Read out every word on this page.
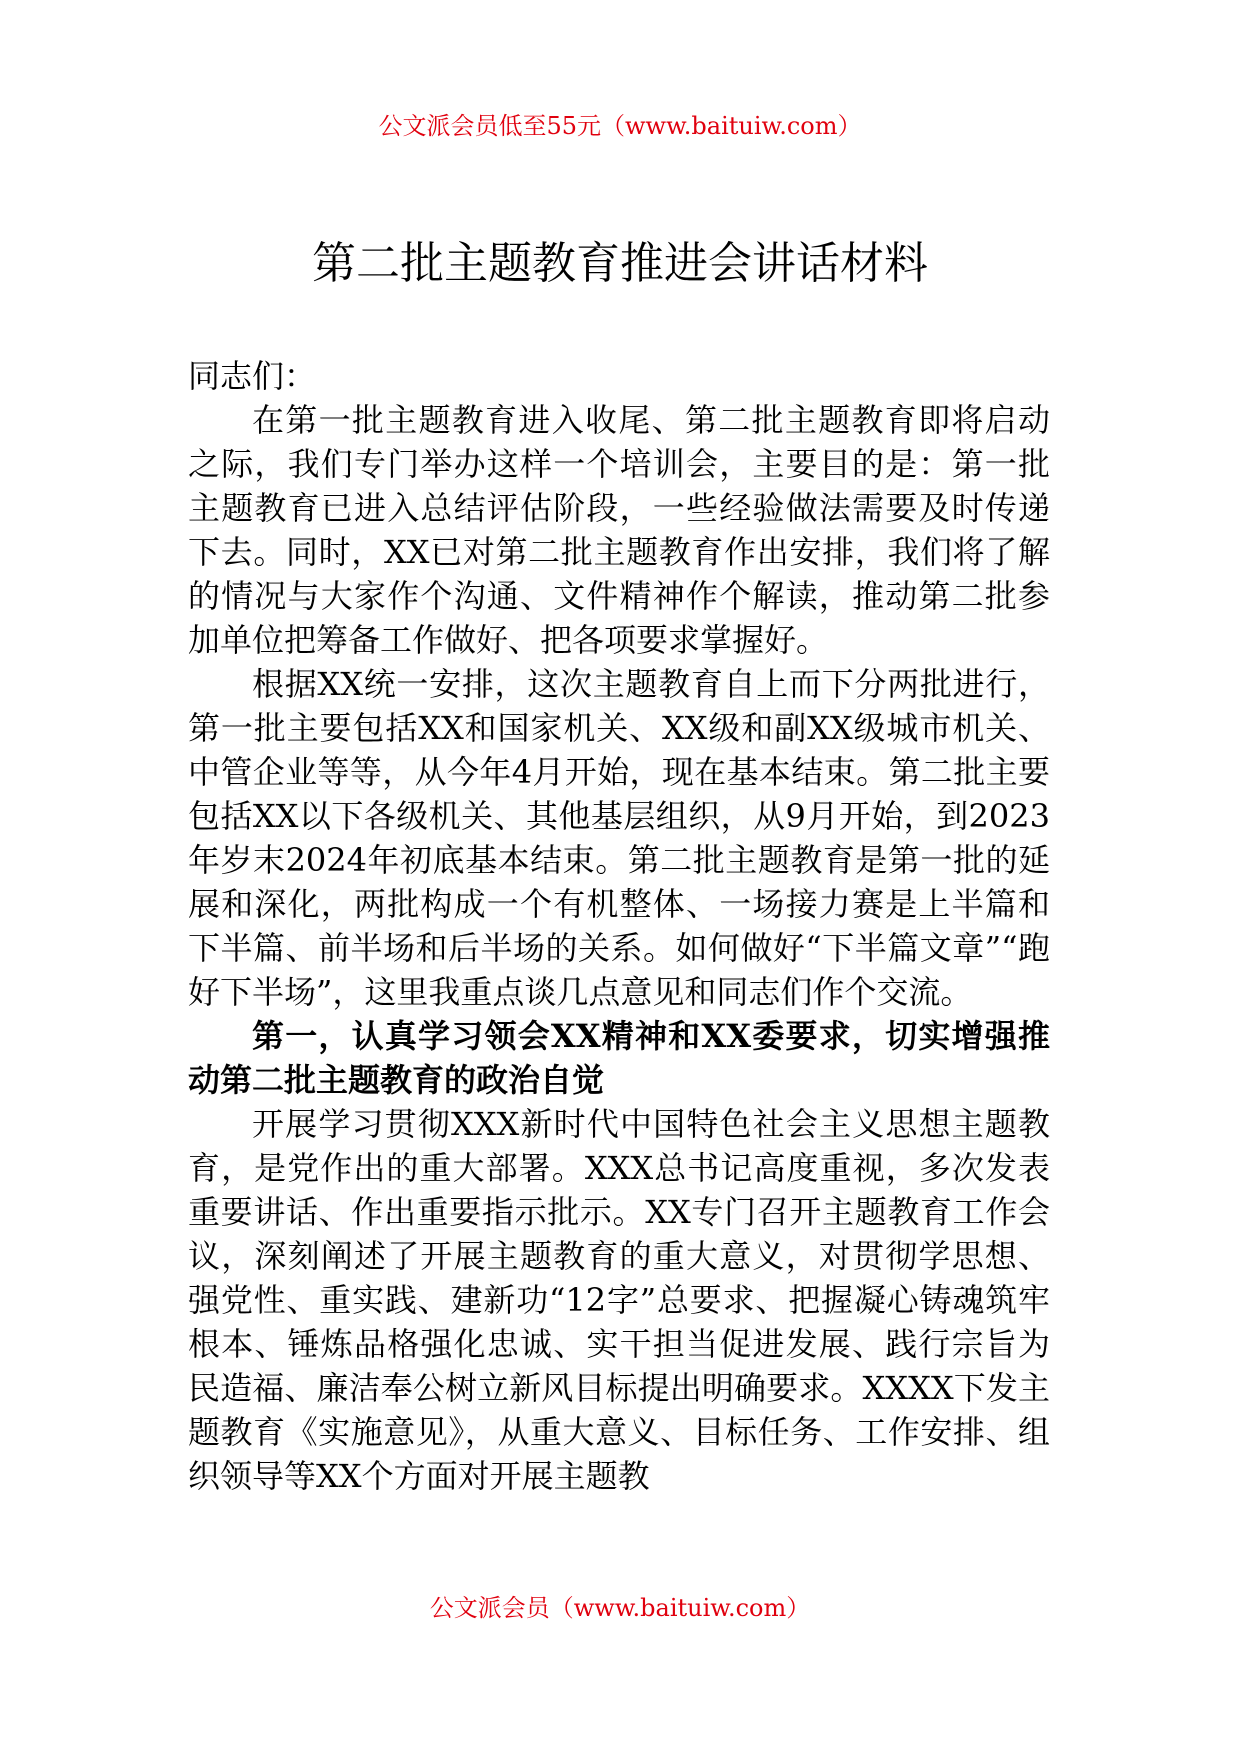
公文派会员低至55元（www.baituiw.com）
第二批主题教育推进会讲话材料

同志们：

在第一批主题教育进入收尾、第二批主题教育即将启动之际，我们专门举办这样一个培训会，主要目的是：第一批主题教育已进入总结评估阶段，一些经验做法需要及时传递下去。同时，XX已对第二批主题教育作出安排，我们将了解的情况与大家作个沟通、文件精神作个解读，推动第二批参加单位把筹备工作做好、把各项要求掌握好。

根据XX统一安排，这次主题教育自上而下分两批进行，第一批主要包括XX和国家机关、XX级和副XX级城市机关、中管企业等等，从今年4月开始，现在基本结束。第二批主要包括XX以下各级机关、其他基层组织，从9月开始，到2023年岁末2024年初底基本结束。第二批主题教育是第一批的延展和深化，两批构成一个有机整体、一场接力赛是上半篇和下半篇、前半场和后半场的关系。如何做好“下半篇文章”“跑好下半场”，这里我重点谈几点意见和同志们作个交流。

第一，认真学习领会XX精神和XX委要求，切实增强推动第二批主题教育的政治自觉

开展学习贯彻XXX新时代中国特色社会主义思想主题教育，是党作出的重大部署。XXX总书记高度重视，多次发表重要讲话、作出重要指示批示。XX专门召开主题教育工作会议，深刻阐述了开展主题教育的重大意义，对贯彻学思想、强党性、重实践、建新功“12字”总要求、把握凝心铸魂筑牢根本、锤炼品格强化忠诚、实干担当促进发展、践行宗旨为民造福、廉洁奉公树立新风目标提出明确要求。XXXX下发主题教育《实施意见》，从重大意义、目标任务、工作安排、组织领导等XX个方面对开展主题教

公文派会员（www.baituiw.com）
